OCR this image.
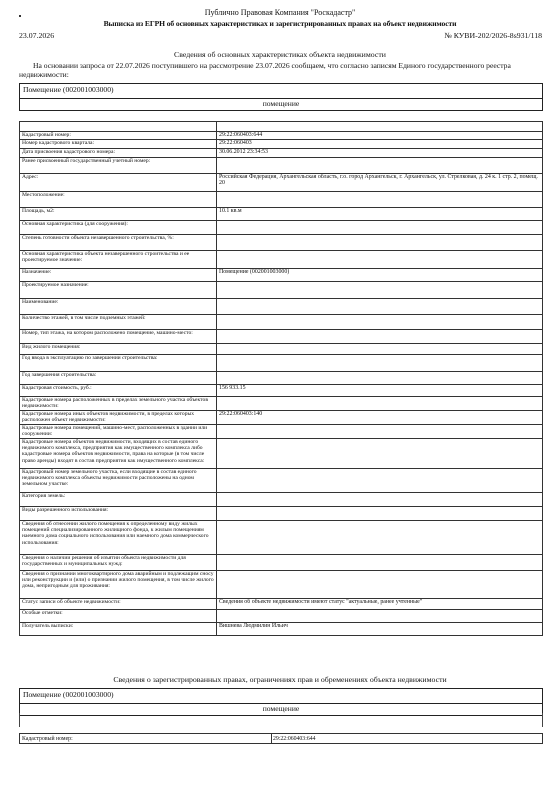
Публично Правовая Компания "Роскадастр"
Выписка из ЕГРН об основных характеристиках и зарегистрированных правах на объект недвижимости
23.07.2026	№ КУВИ-202/2026-8s931/118
Сведения об основных характеристиках объекта недвижимости
На основании запроса от 22.07.2026 поступившего на рассмотрение 23.07.2026 сообщаем, что согласно записям Единого государственного реестра недвижимости:
Помещение (002001003000)
помещение

Кадастровый номер:	29:22:060403:644
Номер кадастрового квартала:	29:22:060403
Дата присвоения кадастрового номера:	30.06.2012 23:34:53
Ранее присвоенный государственный учетный номер:	
Адрес:	Российская Федерация, Архангельская область, г.о. город Архангельск, г. Архангельск, ул. Стрелковая, д. 24 к. 1 стр. 2, помещ. 20
Местоположение:	
Площадь, м2:	10.1 кв.м
Основная характеристика (для сооружения):	
Степень готовности объекта незавершенного строительства, %:	
Основная характеристика объекта незавершенного строительства и ее проектируемое значение:	
Назначение:	Помещение (002001003000)
Проектируемое назначение:	
Наименование:	
Количество этажей, в том числе подземных этажей:	
Номер, тип этажа, на котором расположено помещение, машино-место:	
Вид жилого помещения:	
Год ввода в эксплуатацию по завершении строительства:	
Год завершения строительства:	
Кадастровая стоимость, руб.:	156 933.15
Кадастровые номера расположенных в пределах земельного участка объектов недвижимости:	
Кадастровые номера иных объектов недвижимости, в пределах которых расположен объект недвижимости:	29:22:060403:140
Кадастровые номера помещений, машино-мест, расположенных в здании или сооружении:	
Кадастровые номера объектов недвижимости, входящих в состав единого недвижимого комплекса, предприятия как имущественного комплекса либо кадастровые номера объектов недвижимости, права на которые (в том числе право аренды) входят в состав предприятия как имущественного комплекса:	
Кадастровый номер земельного участка, если входящие в состав единого недвижимого комплекса объекты недвижимости расположены на одном земельном участке:	
Категория земель:	
Виды разрешенного использования:	
Сведения об отнесении жилого помещения к определенному виду жилых помещений специализированного жилищного фонда, к жилым помещениям наемного дома социального использования или наемного дома коммерческого использования:	
Сведения о наличии решения об изъятии объекта недвижимости для государственных и муниципальных нужд:	
Сведения о признании многоквартирного дома аварийным и подлежащим сносу или реконструкции и (или) о признании жилого помещения, в том числе жилого дома, непригодным для проживания:	
Статус записи об объекте недвижимости:	Сведения об объекте недвижимости имеют статус "актуальные, ранее учтенные"
Особые отметки:	
Получатель выписки:	Вишнева Людмилин Ильич
Сведения о зарегистрированных правах, ограничениях прав и обременениях объекта недвижимости
Помещение (002001003000)
помещение
Кадастровый номер:	29:22:060403:644
